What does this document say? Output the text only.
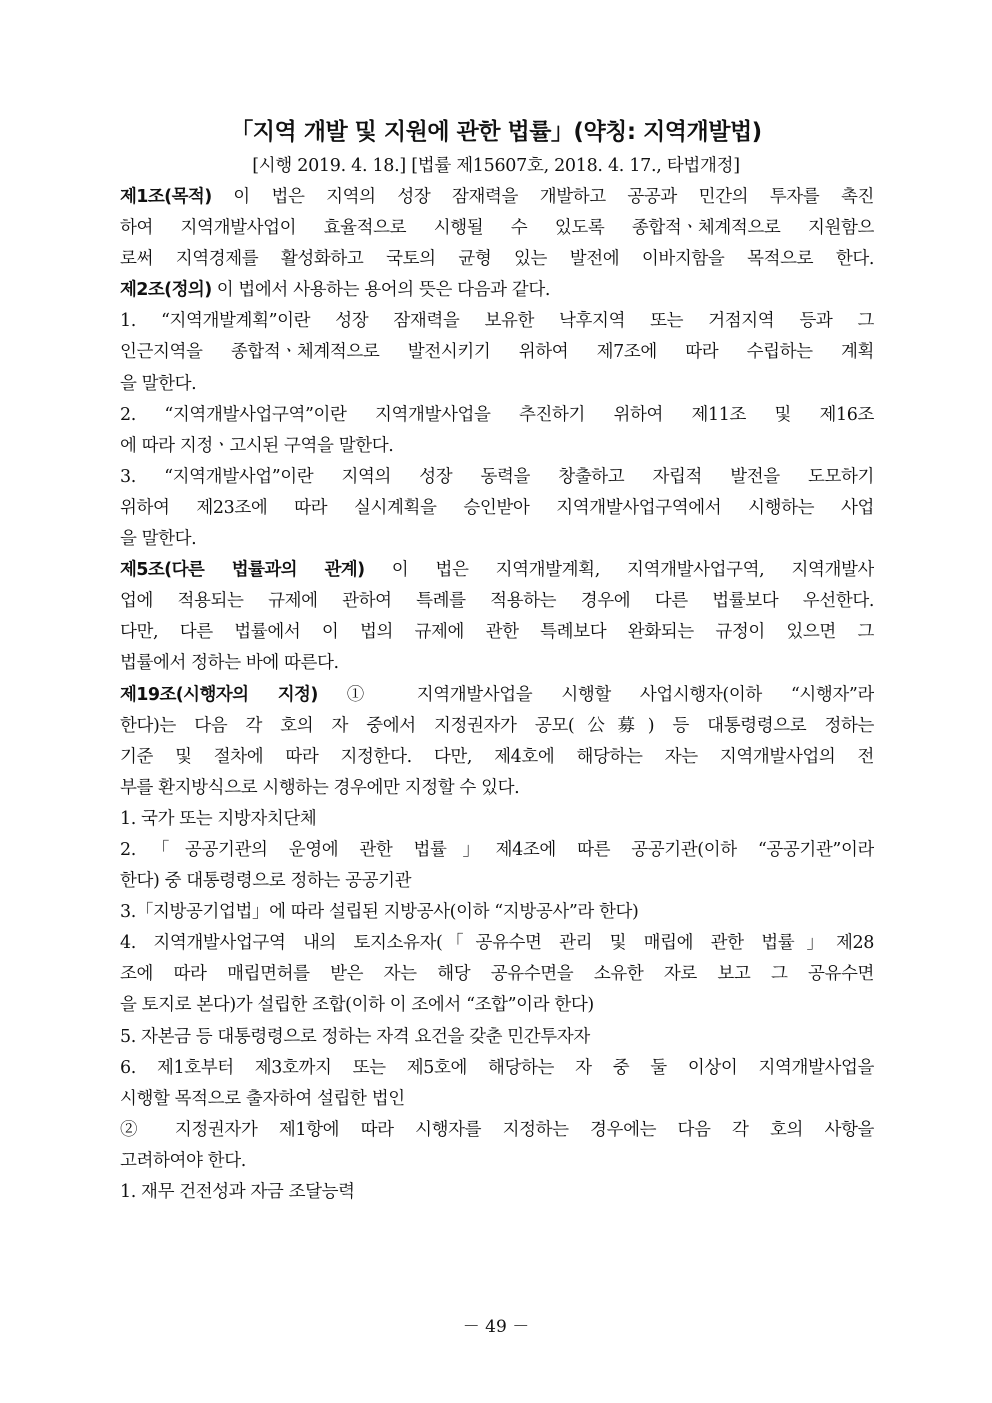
「지역 개발 및 지원에 관한 법률」(약칭: 지역개발법)
[시행 2019. 4. 18.] [법률 제15607호, 2018. 4. 17., 타법개정]
제1조(목적) 이 법은 지역의 성장 잠재력을 개발하고 공공과 민간의 투자를 촉진
하여 지역개발사업이 효율적으로 시행될 수 있도록 종합적ㆍ체계적으로 지원함으
로써 지역경제를 활성화하고 국토의 균형 있는 발전에 이바지함을 목적으로 한다.
제2조(정의) 이 법에서 사용하는 용어의 뜻은 다음과 같다.
1. “지역개발계획”이란 성장 잠재력을 보유한 낙후지역 또는 거점지역 등과 그
인근지역을 종합적ㆍ체계적으로 발전시키기 위하여 제7조에 따라 수립하는 계획
을 말한다.
2. “지역개발사업구역”이란 지역개발사업을 추진하기 위하여 제11조 및 제16조
에 따라 지정ㆍ고시된 구역을 말한다.
3. “지역개발사업”이란 지역의 성장 동력을 창출하고 자립적 발전을 도모하기
위하여 제23조에 따라 실시계획을 승인받아 지역개발사업구역에서 시행하는 사업
을 말한다.
제5조(다른 법률과의 관계) 이 법은 지역개발계획, 지역개발사업구역, 지역개발사
업에 적용되는 규제에 관하여 특례를 적용하는 경우에 다른 법률보다 우선한다.
다만, 다른 법률에서 이 법의 규제에 관한 특례보다 완화되는 규정이 있으면 그
법률에서 정하는 바에 따른다.
제19조(시행자의 지정) ① 지역개발사업을 시행할 사업시행자(이하 “시행자”라
한다)는 다음 각 호의 자 중에서 지정권자가 공모(公募) 등 대통령령으로 정하는
기준 및 절차에 따라 지정한다. 다만, 제4호에 해당하는 자는 지역개발사업의 전
부를 환지방식으로 시행하는 경우에만 지정할 수 있다.
1. 국가 또는 지방자치단체
2.「공공기관의 운영에 관한 법률」제4조에 따른 공공기관(이하 “공공기관”이라
한다) 중 대통령령으로 정하는 공공기관
3.「지방공기업법」에 따라 설립된 지방공사(이하 “지방공사”라 한다)
4. 지역개발사업구역 내의 토지소유자(「공유수면 관리 및 매립에 관한 법률」제28
조에 따라 매립면허를 받은 자는 해당 공유수면을 소유한 자로 보고 그 공유수면
을 토지로 본다)가 설립한 조합(이하 이 조에서 “조합”이라 한다)
5. 자본금 등 대통령령으로 정하는 자격 요건을 갖춘 민간투자자
6. 제1호부터 제3호까지 또는 제5호에 해당하는 자 중 둘 이상이 지역개발사업을
시행할 목적으로 출자하여 설립한 법인
② 지정권자가 제1항에 따라 시행자를 지정하는 경우에는 다음 각 호의 사항을
고려하여야 한다.
1. 재무 건전성과 자금 조달능력
－ 49 －
